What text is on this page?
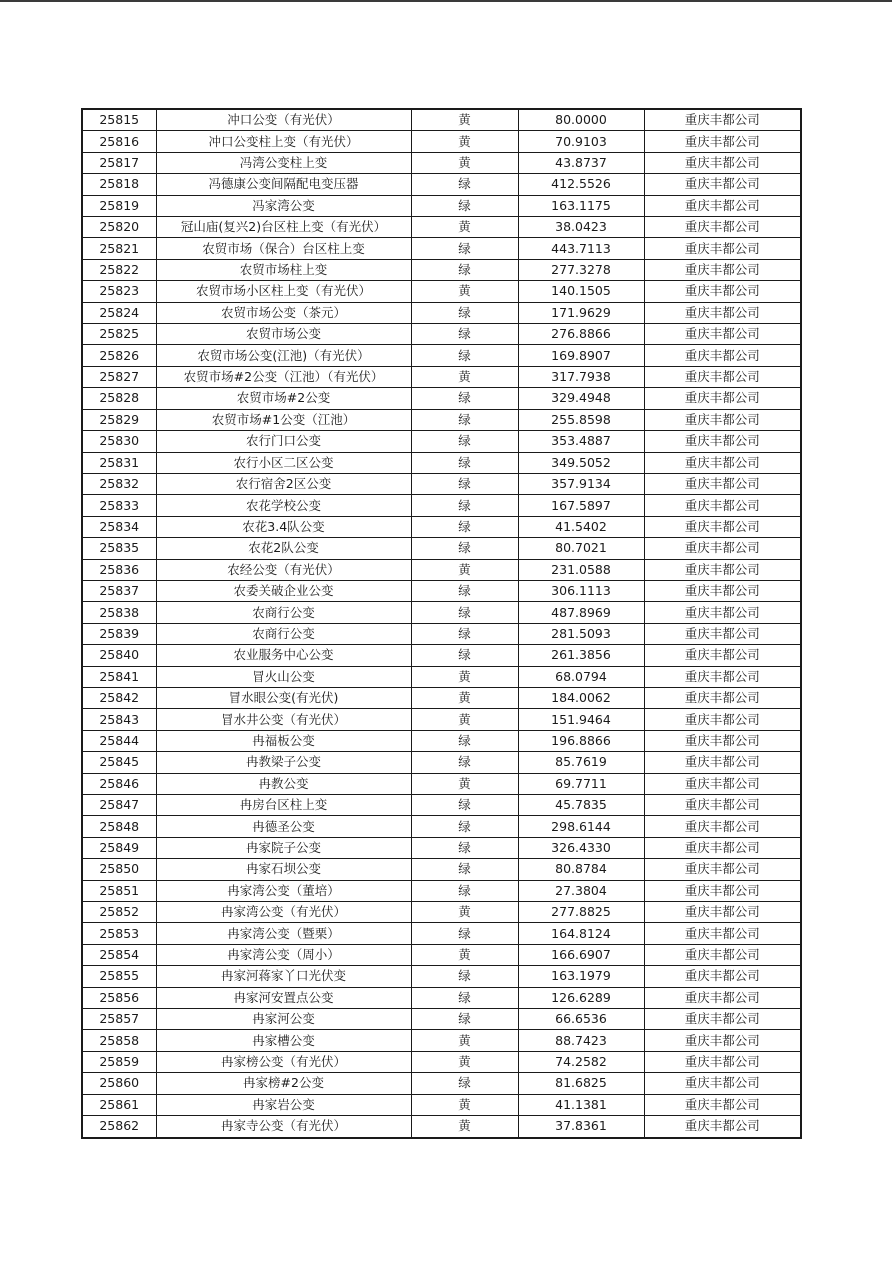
25815	冲口公变（有光伏）	黄	80.0000	重庆丰都公司
25816	冲口公变柱上变（有光伏）	黄	70.9103	重庆丰都公司
25817	冯湾公变柱上变	黄	43.8737	重庆丰都公司
25818	冯德康公变间隔配电变压器	绿	412.5526	重庆丰都公司
25819	冯家湾公变	绿	163.1175	重庆丰都公司
25820	冠山庙(复兴2)台区柱上变（有光伏）	黄	38.0423	重庆丰都公司
25821	农贸市场（保合）台区柱上变	绿	443.7113	重庆丰都公司
25822	农贸市场柱上变	绿	277.3278	重庆丰都公司
25823	农贸市场小区柱上变（有光伏）	黄	140.1505	重庆丰都公司
25824	农贸市场公变（茶元）	绿	171.9629	重庆丰都公司
25825	农贸市场公变	绿	276.8866	重庆丰都公司
25826	农贸市场公变(江池)（有光伏）	绿	169.8907	重庆丰都公司
25827	农贸市场#2公变（江池）（有光伏）	黄	317.7938	重庆丰都公司
25828	农贸市场#2公变	绿	329.4948	重庆丰都公司
25829	农贸市场#1公变（江池）	绿	255.8598	重庆丰都公司
25830	农行门口公变	绿	353.4887	重庆丰都公司
25831	农行小区二区公变	绿	349.5052	重庆丰都公司
25832	农行宿舍2区公变	绿	357.9134	重庆丰都公司
25833	农花学校公变	绿	167.5897	重庆丰都公司
25834	农花3.4队公变	绿	41.5402	重庆丰都公司
25835	农花2队公变	绿	80.7021	重庆丰都公司
25836	农经公变（有光伏）	黄	231.0588	重庆丰都公司
25837	农委关破企业公变	绿	306.1113	重庆丰都公司
25838	农商行公变	绿	487.8969	重庆丰都公司
25839	农商行公变	绿	281.5093	重庆丰都公司
25840	农业服务中心公变	绿	261.3856	重庆丰都公司
25841	冒火山公变	黄	68.0794	重庆丰都公司
25842	冒水眼公变(有光伏)	黄	184.0062	重庆丰都公司
25843	冒水井公变（有光伏）	黄	151.9464	重庆丰都公司
25844	冉福板公变	绿	196.8866	重庆丰都公司
25845	冉教梁子公变	绿	85.7619	重庆丰都公司
25846	冉教公变	黄	69.7711	重庆丰都公司
25847	冉房台区柱上变	绿	45.7835	重庆丰都公司
25848	冉德圣公变	绿	298.6144	重庆丰都公司
25849	冉家院子公变	绿	326.4330	重庆丰都公司
25850	冉家石坝公变	绿	80.8784	重庆丰都公司
25851	冉家湾公变（董培）	绿	27.3804	重庆丰都公司
25852	冉家湾公变（有光伏）	黄	277.8825	重庆丰都公司
25853	冉家湾公变（暨栗）	绿	164.8124	重庆丰都公司
25854	冉家湾公变（周小）	黄	166.6907	重庆丰都公司
25855	冉家河蒋家丫口光伏变	绿	163.1979	重庆丰都公司
25856	冉家河安置点公变	绿	126.6289	重庆丰都公司
25857	冉家河公变	绿	66.6536	重庆丰都公司
25858	冉家槽公变	黄	88.7423	重庆丰都公司
25859	冉家榜公变（有光伏）	黄	74.2582	重庆丰都公司
25860	冉家榜#2公变	绿	81.6825	重庆丰都公司
25861	冉家岩公变	黄	41.1381	重庆丰都公司
25862	冉家寺公变（有光伏）	黄	37.8361	重庆丰都公司
